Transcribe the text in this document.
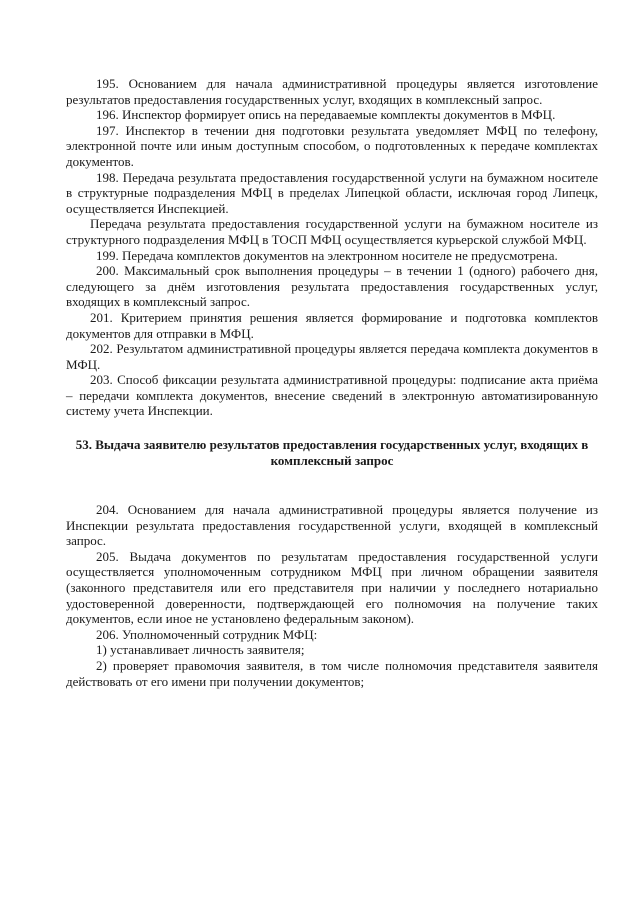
195. Основанием для начала административной процедуры является изготовление результатов предоставления государственных услуг, входящих в комплексный запрос.

196. Инспектор формирует опись на передаваемые комплекты документов в МФЦ.

197. Инспектор в течении дня подготовки результата уведомляет МФЦ по телефону, электронной почте или иным доступным способом, о подготовленных к передаче комплектах документов.

198. Передача результата предоставления государственной услуги на бумажном носителе в структурные подразделения МФЦ в пределах Липецкой области, исключая город Липецк, осуществляется Инспекцией.

Передача результата предоставления государственной услуги на бумажном носителе из структурного подразделения МФЦ в ТОСП МФЦ осуществляется курьерской службой МФЦ.

199. Передача комплектов документов на электронном носителе не предусмотрена.

200. Максимальный срок выполнения процедуры – в течении 1 (одного) рабочего дня, следующего за днём изготовления результата предоставления государственных услуг, входящих в комплексный запрос.

201. Критерием принятия решения является формирование и подготовка комплектов документов для отправки в МФЦ.

202. Результатом административной процедуры является передача комплекта документов в МФЦ.

203. Способ фиксации результата административной процедуры: подписание акта приёма – передачи комплекта документов, внесение сведений в электронную автоматизированную систему учета Инспекции.

53. Выдача заявителю результатов предоставления государственных услуг, входящих в комплексный запрос

204. Основанием для начала административной процедуры является получение из Инспекции результата предоставления государственной услуги, входящей в комплексный запрос.

205. Выдача документов по результатам предоставления государственной услуги осуществляется уполномоченным сотрудником МФЦ при личном обращении заявителя (законного представителя или его представителя при наличии у последнего нотариально удостоверенной доверенности, подтверждающей его полномочия на получение таких документов, если иное не установлено федеральным законом).

206. Уполномоченный сотрудник МФЦ:

1) устанавливает личность заявителя;

2) проверяет правомочия заявителя, в том числе полномочия представителя заявителя действовать от его имени при получении документов;
